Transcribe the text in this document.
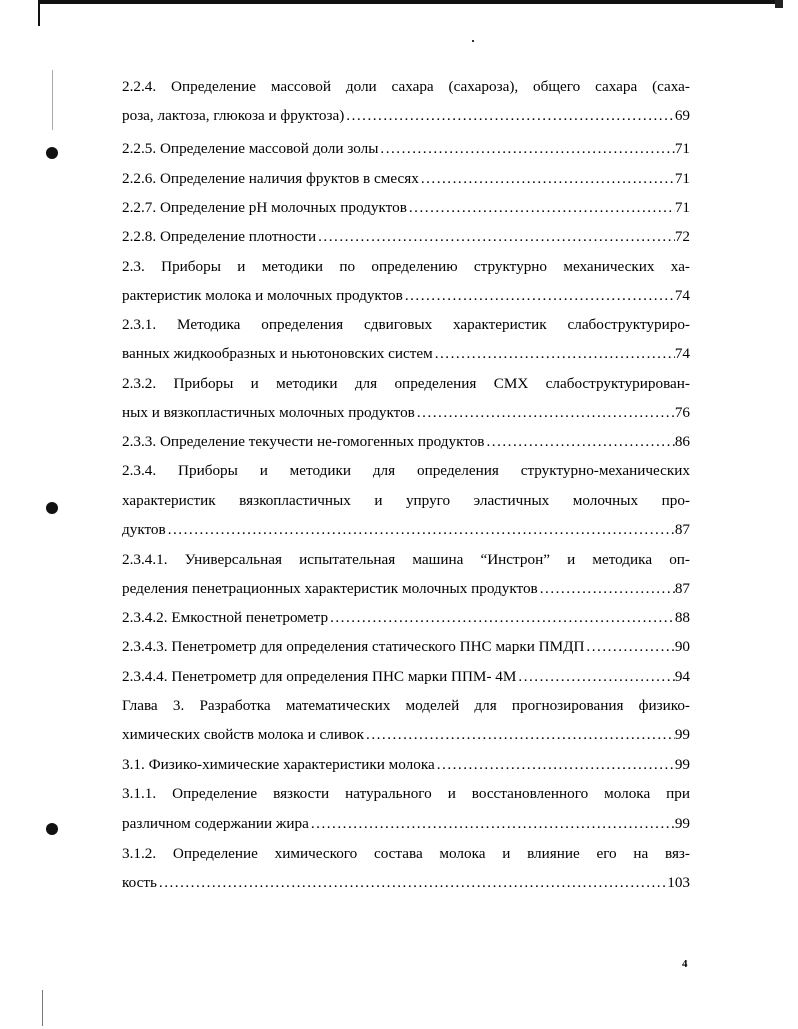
2.2.4. Определение массовой доли сахара (сахароза), общего сахара (саха-
роза, лактоза, глюкоза и фруктоза) .....	69
2.2.5. Определение массовой доли золы .....	71
2.2.6. Определение наличия фруктов в смесях .....	71
2.2.7. Определение рН молочных продуктов .....	71
2.2.8. Определение плотности .....	72
2.3. Приборы и методики по определению структурно механических ха-
рактеристик молока и молочных продуктов .....	74
2.3.1. Методика определения сдвиговых характеристик слабоструктуриро-
ванных жидкообразных и ньютоновских систем .....	74
2.3.2. Приборы и методики для определения СМХ слабоструктурирован-
ных и вязкопластичных молочных продуктов .....	76
2.3.3. Определение текучести не-гомогенных продуктов .....	86
2.3.4. Приборы и методики для определения структурно-механических
характеристик вязкопластичных и упруго эластичных молочных про-
дуктов .....	87
2.3.4.1. Универсальная испытательная машина “Инстрон” и методика оп-
ределения пенетрационных характеристик молочных продуктов .....	87
2.3.4.2. Емкостной пенетрометр .....	88
2.3.4.3. Пенетрометр для определения статического ПНС марки ПМДП .....	90
2.3.4.4. Пенетрометр для определения ПНС марки ППМ- 4М .....	94
Глава 3. Разработка математических моделей для прогнозирования физико-
химических свойств молока и сливок .....	99
3.1. Физико-химические характеристики молока .....	99
3.1.1. Определение вязкости натурального и восстановленного молока при
различном содержании жира .....	99
3.1.2. Определение химического состава молока и влияние его на вяз-
кость .....	103
4
